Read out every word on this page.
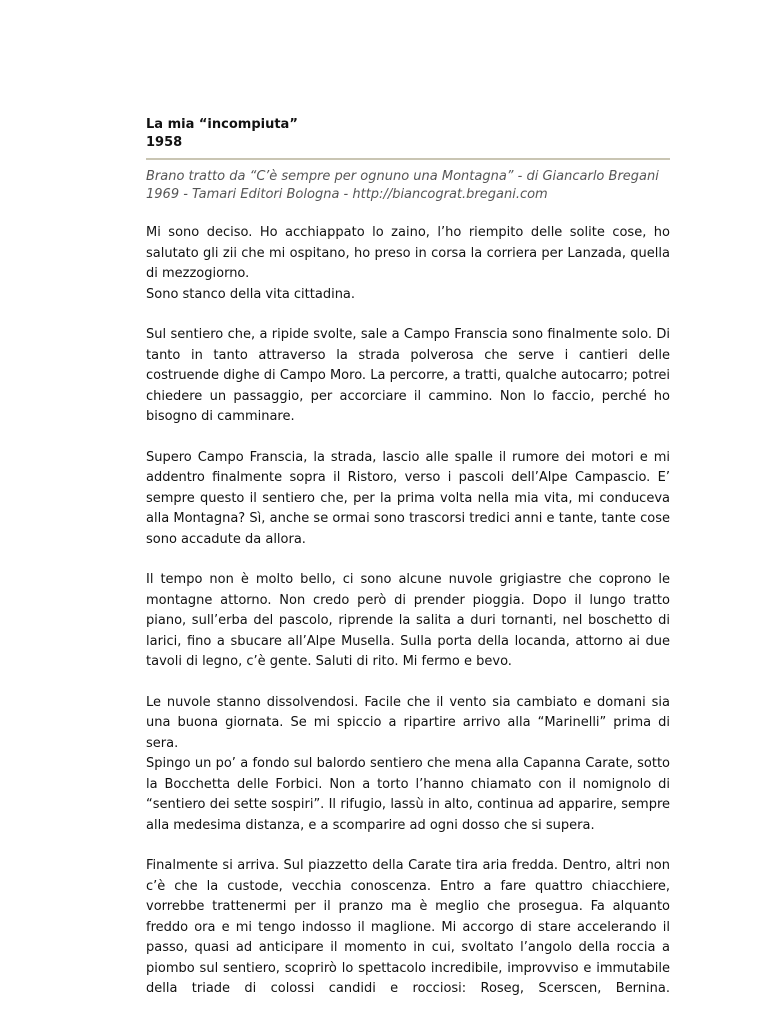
La mia “incompiuta”

1958

Brano tratto da “C’è sempre per ognuno una Montagna” - di Giancarlo Bregani
1969 - Tamari Editori Bologna - http://biancograt.bregani.com

Mi sono deciso. Ho acchiappato lo zaino, l’ho riempito delle solite cose, ho salutato gli zii che mi ospitano, ho preso in corsa la corriera per Lanzada, quella di mezzogiorno.
Sono stanco della vita cittadina.

Sul sentiero che, a ripide svolte, sale a Campo Franscia sono finalmente solo. Di tanto in tanto attraverso la strada polverosa che serve i cantieri delle costruende dighe di Campo Moro. La percorre, a tratti, qualche autocarro; potrei chiedere un passaggio, per accorciare il cammino. Non lo faccio, perché ho bisogno di camminare.

Supero Campo Franscia, la strada, lascio alle spalle il rumore dei motori e mi addentro finalmente sopra il Ristoro, verso i pascoli dell’Alpe Campascio. E’ sempre questo il sentiero che, per la prima volta nella mia vita, mi conduceva alla Montagna? Sì, anche se ormai sono trascorsi tredici anni e tante, tante cose sono accadute da allora.

Il tempo non è molto bello, ci sono alcune nuvole grigiastre che coprono le montagne attorno. Non credo però di prender pioggia. Dopo il lungo tratto piano, sull’erba del pascolo, riprende la salita a duri tornanti, nel boschetto di larici, fino a sbucare all’Alpe Musella. Sulla porta della locanda, attorno ai due tavoli di legno, c’è gente. Saluti di rito. Mi fermo e bevo.

Le nuvole stanno dissolvendosi. Facile che il vento sia cambiato e domani sia una buona giornata. Se mi spiccio a ripartire arrivo alla “Marinelli” prima di sera.
Spingo un po’ a fondo sul balordo sentiero che mena alla Capanna Carate, sotto la Bocchetta delle Forbici. Non a torto l’hanno chiamato con il nomignolo di “sentiero dei sette sospiri”. Il rifugio, lassù in alto, continua ad apparire, sempre alla medesima distanza, e a scomparire ad ogni dosso che si supera.

Finalmente si arriva. Sul piazzetto della Carate tira aria fredda. Dentro, altri non c’è che la custode, vecchia conoscenza. Entro a fare quattro chiacchiere, vorrebbe trattenermi per il pranzo ma è meglio che prosegua. Fa alquanto freddo ora e mi tengo indosso il maglione. Mi accorgo di stare accelerando il passo, quasi ad anticipare il momento in cui, svoltato l’angolo della roccia a piombo sul sentiero, scoprirò lo spettacolo incredibile, improvviso e immutabile della triade di colossi candidi e rocciosi: Roseg, Scerscen, Bernina.
